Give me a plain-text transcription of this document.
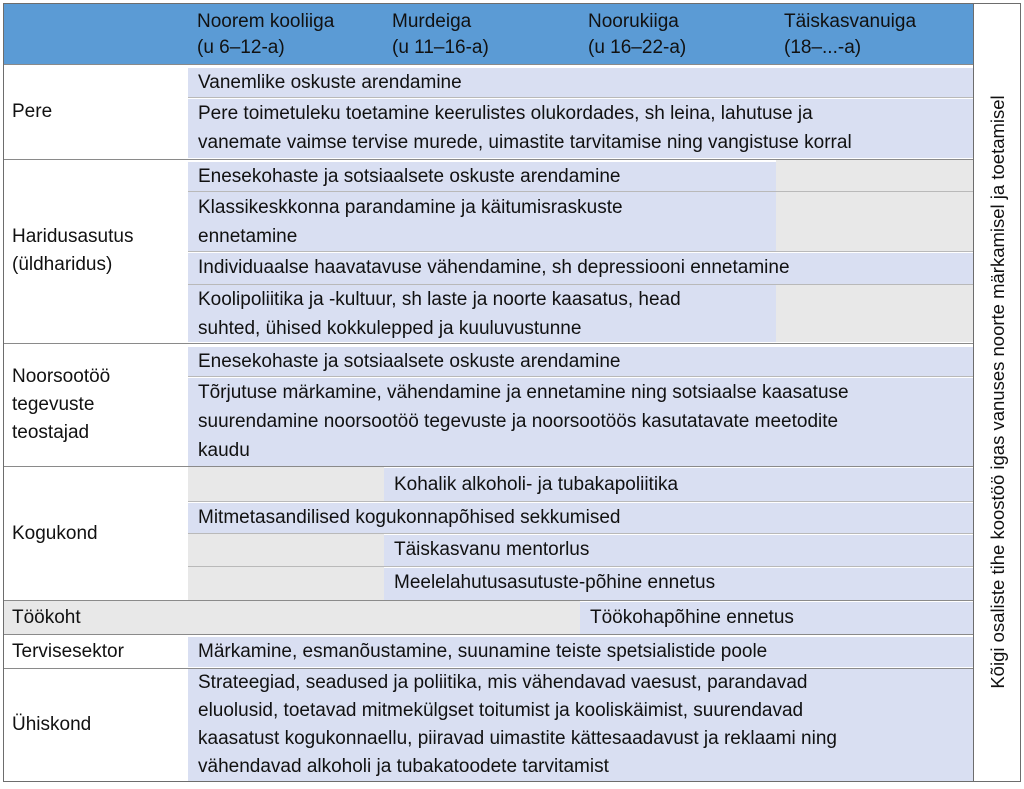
Noorem kooliiga
(u 6–12-a)
Murdeiga
(u 11–16-a)
Noorukiiga
(u 16–22-a)
Täiskasvanuiga
(18–...-a)
Pere
Vanemlike oskuste arendamine
Pere toimetuleku toetamine keerulistes olukordades, sh leina, lahutuse ja
vanemate vaimse tervise murede, uimastite tarvitamise ning vangistuse korral
Haridusasutus
(üldharidus)
Enesekohaste ja sotsiaalsete oskuste arendamine
Klassikeskkonna parandamine ja käitumisraskuste
ennetamine
Individuaalse haavatavuse vähendamine, sh depressiooni ennetamine
Koolipoliitika ja -kultuur, sh laste ja noorte kaasatus, head
suhted, ühised kokkulepped ja kuuluvustunne
Noorsootöö
tegevuste
teostajad
Enesekohaste ja sotsiaalsete oskuste arendamine
Tõrjutuse märkamine, vähendamine ja ennetamine ning sotsiaalse kaasatuse
suurendamine noorsootöö tegevuste ja noorsootöös kasutatavate meetodite
kaudu
Kogukond
Kohalik alkoholi- ja tubakapoliitika
Mitmetasandilised kogukonnapõhised sekkumised
Täiskasvanu mentorlus
Meelelahutusasutuste-põhine ennetus
Töökoht	Töökohapõhine ennetus
Tervisesektor	Märkamine, esmanõustamine, suunamine teiste spetsialistide poole
Ühiskond
Strateegiad, seadused ja poliitika, mis vähendavad vaesust, parandavad
eluolusid, toetavad mitmekülgset toitumist ja kooliskäimist, suurendavad
kaasatust kogukonnaellu, piiravad uimastite kättesaadavust ja reklaami ning
vähendavad alkoholi ja tubakatoodete tarvitamist
Kõigi osaliste tihe koostöö igas vanuses noorte märkamisel ja toetamisel
